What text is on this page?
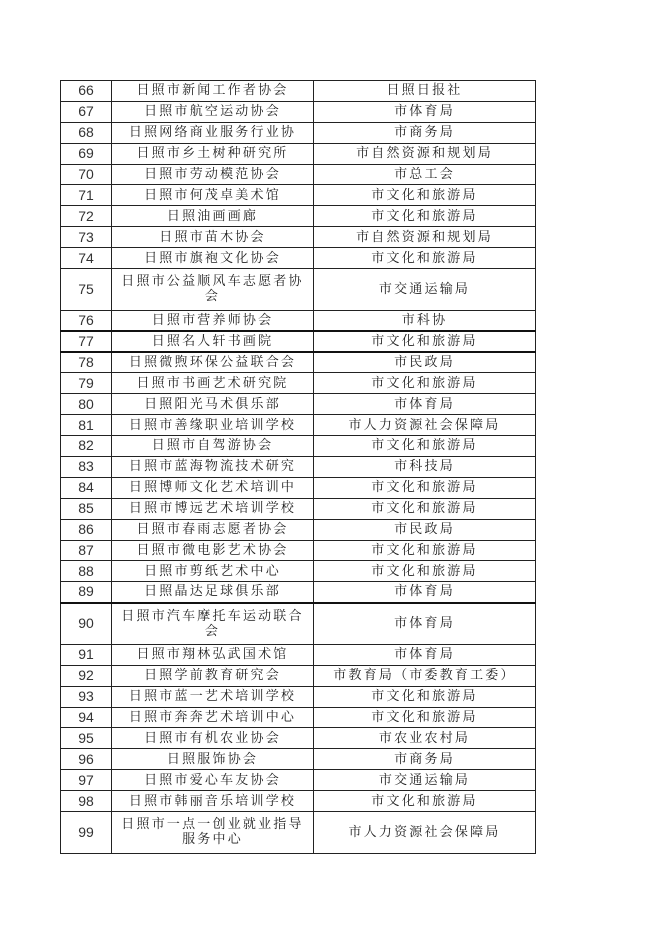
66	日照市新闻工作者协会	日照日报社
67	日照市航空运动协会	市体育局
68	日照网络商业服务行业协	市商务局
69	日照市乡土树种研究所	市自然资源和规划局
70	日照市劳动模范协会	市总工会
71	日照市何茂卓美术馆	市文化和旅游局
72	日照油画画廊	市文化和旅游局
73	日照市苗木协会	市自然资源和规划局
74	日照市旗袍文化协会	市文化和旅游局
75	日照市公益顺风车志愿者协会	市交通运输局
76	日照市营养师协会	市科协
77	日照名人轩书画院	市文化和旅游局
78	日照微煦环保公益联合会	市民政局
79	日照市书画艺术研究院	市文化和旅游局
80	日照阳光马术俱乐部	市体育局
81	日照市善缘职业培训学校	市人力资源社会保障局
82	日照市自驾游协会	市文化和旅游局
83	日照市蓝海物流技术研究	市科技局
84	日照博师文化艺术培训中	市文化和旅游局
85	日照市博远艺术培训学校	市文化和旅游局
86	日照市春雨志愿者协会	市民政局
87	日照市微电影艺术协会	市文化和旅游局
88	日照市剪纸艺术中心	市文化和旅游局
89	日照晶达足球俱乐部	市体育局
90	日照市汽车摩托车运动联合会	市体育局
91	日照市翔林弘武国术馆	市体育局
92	日照学前教育研究会	市教育局（市委教育工委）
93	日照市蓝一艺术培训学校	市文化和旅游局
94	日照市奔奔艺术培训中心	市文化和旅游局
95	日照市有机农业协会	市农业农村局
96	日照服饰协会	市商务局
97	日照市爱心车友协会	市交通运输局
98	日照市韩丽音乐培训学校	市文化和旅游局
99	日照市一点一创业就业指导服务中心	市人力资源社会保障局
